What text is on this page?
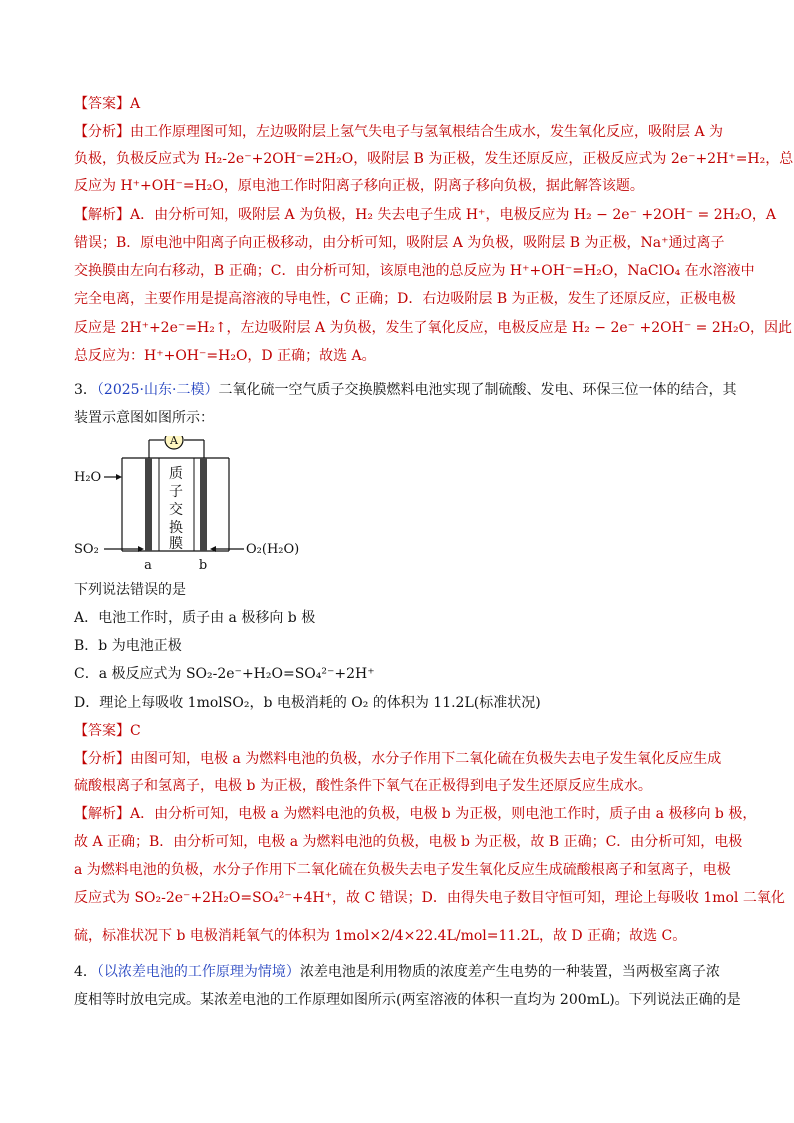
【答案】A
【分析】由工作原理图可知，左边吸附层上氢气失电子与氢氧根结合生成水，发生氧化反应，吸附层 A 为
负极，负极反应式为 H₂-2e⁻+2OH⁻=2H₂O，吸附层 B 为正极，发生还原反应，正极反应式为 2e⁻+2H⁺=H₂，总
反应为 H⁺+OH⁻=H₂O，原电池工作时阳离子移向正极，阴离子移向负极，据此解答该题。
【解析】A．由分析可知，吸附层 A 为负极，H₂ 失去电子生成 H⁺，电极反应为 H₂ − 2e⁻ +2OH⁻ = 2H₂O，A
错误；B．原电池中阳离子向正极移动，由分析可知，吸附层 A 为负极，吸附层 B 为正极，Na⁺通过离子
交换膜由左向右移动，B 正确；C．由分析可知，该原电池的总反应为 H⁺+OH⁻=H₂O，NaClO₄ 在水溶液中
完全电离，主要作用是提高溶液的导电性，C 正确；D．右边吸附层 B 为正极，发生了还原反应，正极电极
反应是 2H⁺+2e⁻=H₂↑，左边吸附层 A 为负极，发生了氧化反应，电极反应是 H₂ − 2e⁻ +2OH⁻ = 2H₂O，因此
总反应为：H⁺+OH⁻=H₂O，D 正确；故选 A。
3．（2025·山东·二模）二氧化硫一空气质子交换膜燃料电池实现了制硫酸、发电、环保三位一体的结合，其
装置示意图如图所示：
A
质
子
交
换
膜
H₂O
SO₂	O₂(H₂O)
a	b
下列说法错误的是
A．电池工作时，质子由 a 极移向 b 极
B．b 为电池正极
C．a 极反应式为 SO₂-2e⁻+H₂O=SO₄²⁻+2H⁺
D．理论上每吸收 1molSO₂，b 电极消耗的 O₂ 的体积为 11.2L(标准状况)
【答案】C
【分析】由图可知，电极 a 为燃料电池的负极，水分子作用下二氧化硫在负极失去电子发生氧化反应生成
硫酸根离子和氢离子，电极 b 为正极，酸性条件下氧气在正极得到电子发生还原反应生成水。
【解析】A．由分析可知，电极 a 为燃料电池的负极，电极 b 为正极，则电池工作时，质子由 a 极移向 b 极，
故 A 正确；B．由分析可知，电极 a 为燃料电池的负极，电极 b 为正极，故 B 正确；C．由分析可知，电极
a 为燃料电池的负极，水分子作用下二氧化硫在负极失去电子发生氧化反应生成硫酸根离子和氢离子，电极
反应式为 SO₂-2e⁻+2H₂O=SO₄²⁻+4H⁺，故 C 错误；D．由得失电子数目守恒可知，理论上每吸收 1mol 二氧化
硫，标准状况下 b 电极消耗氧气的体积为 1mol×2/4×22.4L/mol=11.2L，故 D 正确；故选 C。
4．（以浓差电池的工作原理为情境）浓差电池是利用物质的浓度差产生电势的一种装置，当两极室离子浓
度相等时放电完成。某浓差电池的工作原理如图所示(两室溶液的体积一直均为 200mL)。下列说法正确的是
